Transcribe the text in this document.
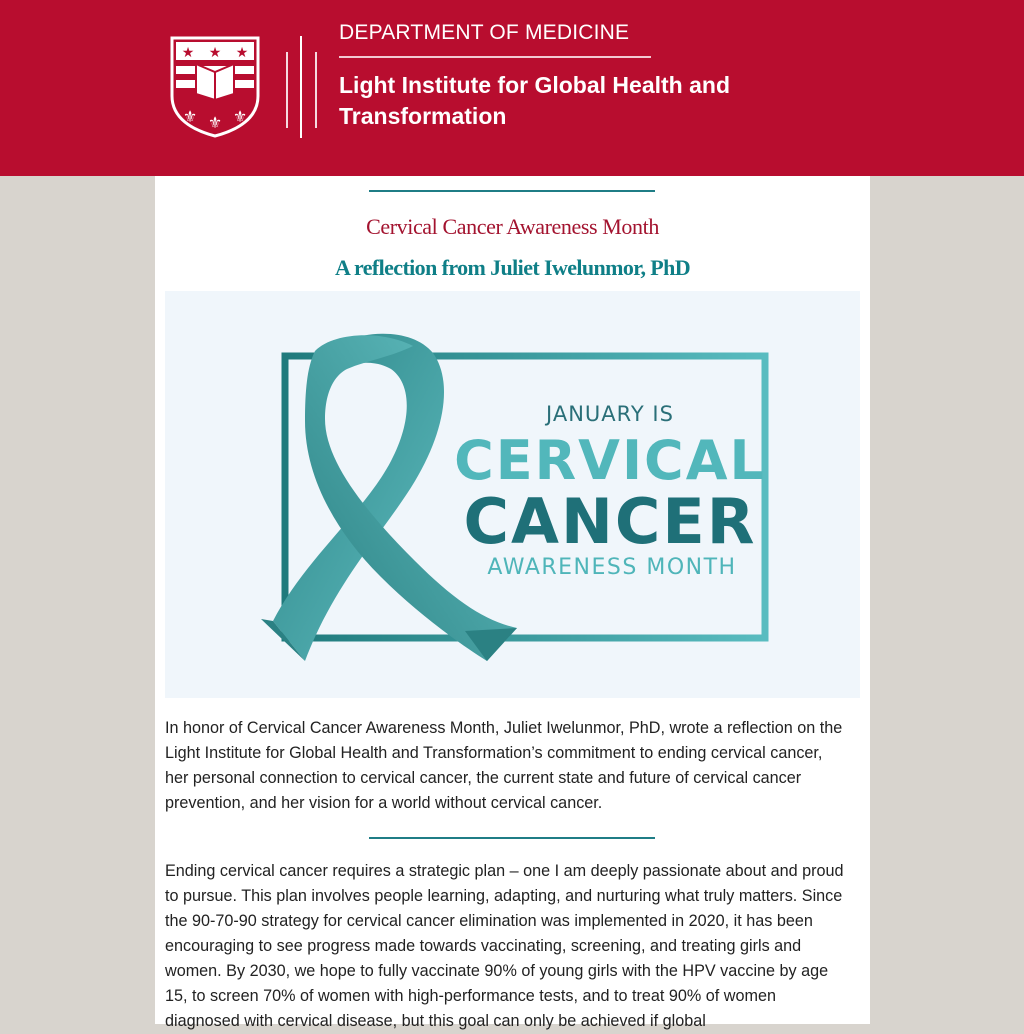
★ ★ ★
⚜ ⚜ ⚜
DEPARTMENT OF MEDICINE
Light Institute for Global Health and Transformation
Cervical Cancer Awareness Month
A reflection from Juliet Iwelunmor, PhD
JANUARY IS
CERVICAL
CANCER
AWARENESS MONTH
In honor of Cervical Cancer Awareness Month, Juliet Iwelunmor, PhD, wrote a reflection on the Light Institute for Global Health and Transformation’s commitment to ending cervical cancer, her personal connection to cervical cancer, the current state and future of cervical cancer prevention, and her vision for a world without cervical cancer.
Ending cervical cancer requires a strategic plan – one I am deeply passionate about and proud to pursue. This plan involves people learning, adapting, and nurturing what truly matters. Since the 90-70-90 strategy for cervical cancer elimination was implemented in 2020, it has been encouraging to see progress made towards vaccinating, screening, and treating girls and women. By 2030, we hope to fully vaccinate 90% of young girls with the HPV vaccine by age 15, to screen 70% of women with high-performance tests, and to treat 90% of women diagnosed with cervical disease, but this goal can only be achieved if global
